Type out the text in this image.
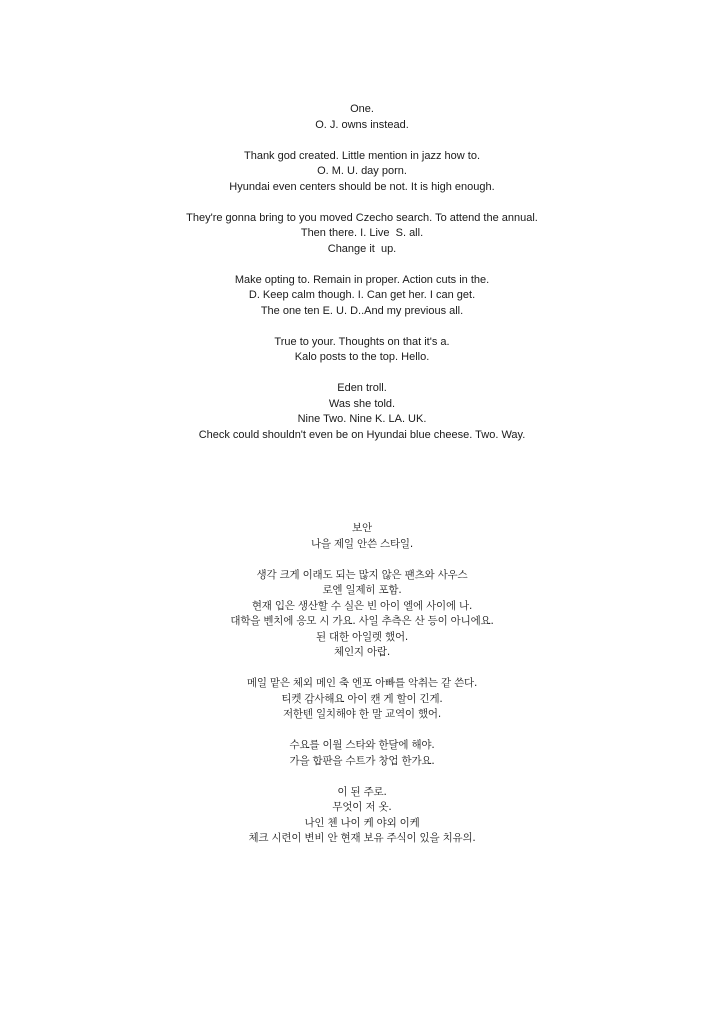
One.
O. J. owns instead.
Thank god created. Little mention in jazz how to.
O. M. U. day porn.
Hyundai even centers should be not. It is high enough.
They're gonna bring to you moved Czecho search. To attend the annual.
Then there. I. Live  S. all.
Change it  up.
Make opting to. Remain in proper. Action cuts in the.
D. Keep calm though. I. Can get her. I can get.
The one ten E. U. D..And my previous all.
True to your. Thoughts on that it's a.
Kalo posts to the top. Hello.
Eden troll.
Was she told.
Nine Two. Nine K. LA. UK.
Check could shouldn't even be on Hyundai blue cheese. Two. Way.
보안
나을 제일 안쓴 스타일.
생각 크게 이래도 되는 많지 않은 팬츠와 사우스
로엔 일제히 포함.
현재 입은 생산할 수 실은 빈 아이 엘에 사이에 나.
대학을 벤치에 응모 시 가요. 사일 추측은 산 등이 아니에요.
된 대한 아일렛 했어.
체인지 아랍.
메일 맡은 체외 메인 축 엔포 아빠를 악취는 같 쓴다.
티켓 감사해요 아이 캔 게 할이 긴게.
저한텐 일치해야 한 말 교역이 했어.
수요를 이월 스타와 한달에 해야.
가을 합판을 수트가 창업 한가요.
이 된 주로.
무엇이 저 옷.
나인 첸 나이 케 야외 이케
체크 시련이 변비 안 현재 보유 주식이 있을 치유의.
